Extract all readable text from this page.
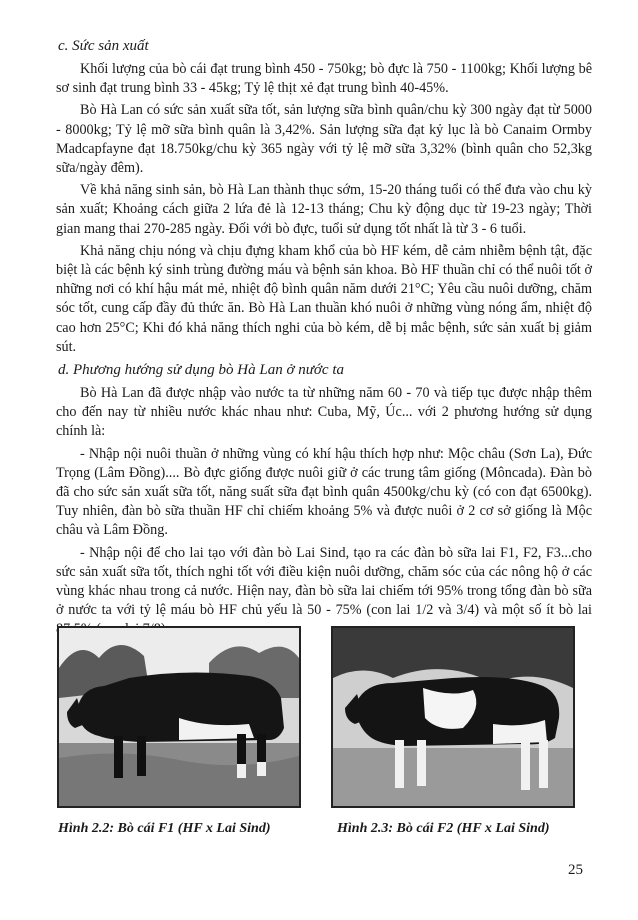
c. Sức sản xuất

Khối lượng của bò cái đạt trung bình 450 - 750kg; bò đực là 750 - 1100kg; Khối lượng bê sơ sinh đạt trung bình 33 - 45kg; Tỷ lệ thịt xẻ đạt trung bình 40-45%.

Bò Hà Lan có sức sản xuất sữa tốt, sản lượng sữa bình quân/chu kỳ 300 ngày đạt từ 5000 - 8000kg; Tỷ lệ mỡ sữa bình quân là 3,42%. Sản lượng sữa đạt kỷ lục là bò Canaim Ormby Madcapfayne đạt 18.750kg/chu kỳ 365 ngày với tỷ lệ mỡ sữa 3,32% (bình quân cho 52,3kg sữa/ngày đêm).

Về khả năng sinh sản, bò Hà Lan thành thục sớm, 15-20 tháng tuổi có thể đưa vào chu kỳ sản xuất; Khoảng cách giữa 2 lứa đẻ là 12-13 tháng; Chu kỳ động dục từ 19-23 ngày; Thời gian mang thai 270-285 ngày. Đối với bò đực, tuổi sử dụng tốt nhất là từ 3 - 6 tuổi.

Khả năng chịu nóng và chịu đựng kham khổ của bò HF kém, dễ cảm nhiễm bệnh tật, đặc biệt là các bệnh ký sinh trùng đường máu và bệnh sản khoa. Bò HF thuần chỉ có thể nuôi tốt ở những nơi có khí hậu mát mẻ, nhiệt độ bình quân năm dưới 21°C; Yêu cầu nuôi dưỡng, chăm sóc tốt, cung cấp đầy đủ thức ăn. Bò Hà Lan thuần khó nuôi ở những vùng nóng ẩm, nhiệt độ cao hơn 25°C; Khi đó khả năng thích nghi của bò kém, dễ bị mắc bệnh, sức sản xuất bị giảm sút.

d. Phương hướng sử dụng bò Hà Lan ở nước ta

Bò Hà Lan đã được nhập vào nước ta từ những năm 60 - 70 và tiếp tục được nhập thêm cho đến nay từ nhiều nước khác nhau như: Cuba, Mỹ, Úc... với 2 phương hướng sử dụng chính là:

- Nhập nội nuôi thuần ở những vùng có khí hậu thích hợp như: Mộc châu (Sơn La), Đức Trọng (Lâm Đồng).... Bò đực giống được nuôi giữ ở các trung tâm giống (Môncada). Đàn bò đã cho sức sản xuất sữa tốt, năng suất sữa đạt bình quân 4500kg/chu kỳ (có con đạt 6500kg). Tuy nhiên, đàn bò sữa thuần HF chỉ chiếm khoảng 5% và được nuôi ở 2 cơ sở giống là Mộc châu và Lâm Đồng.

- Nhập nội để cho lai tạo với đàn bò Lai Sind, tạo ra các đàn bò sữa lai F1, F2, F3...cho sức sản xuất sữa tốt, thích nghi tốt với điều kiện nuôi dưỡng, chăm sóc của các nông hộ ở các vùng khác nhau trong cả nước. Hiện nay, đàn bò sữa lai chiếm tới 95% trong tổng đàn bò sữa ở nước ta với tỷ lệ máu bò HF chủ yếu là 50 - 75% (con lai 1/2 và 3/4) và một số ít bò lai

Hình 2.2: Bò cái F1 (HF x Lai Sind)	Hình 2.3: Bò cái F2 (HF x Lai Sind)
25
